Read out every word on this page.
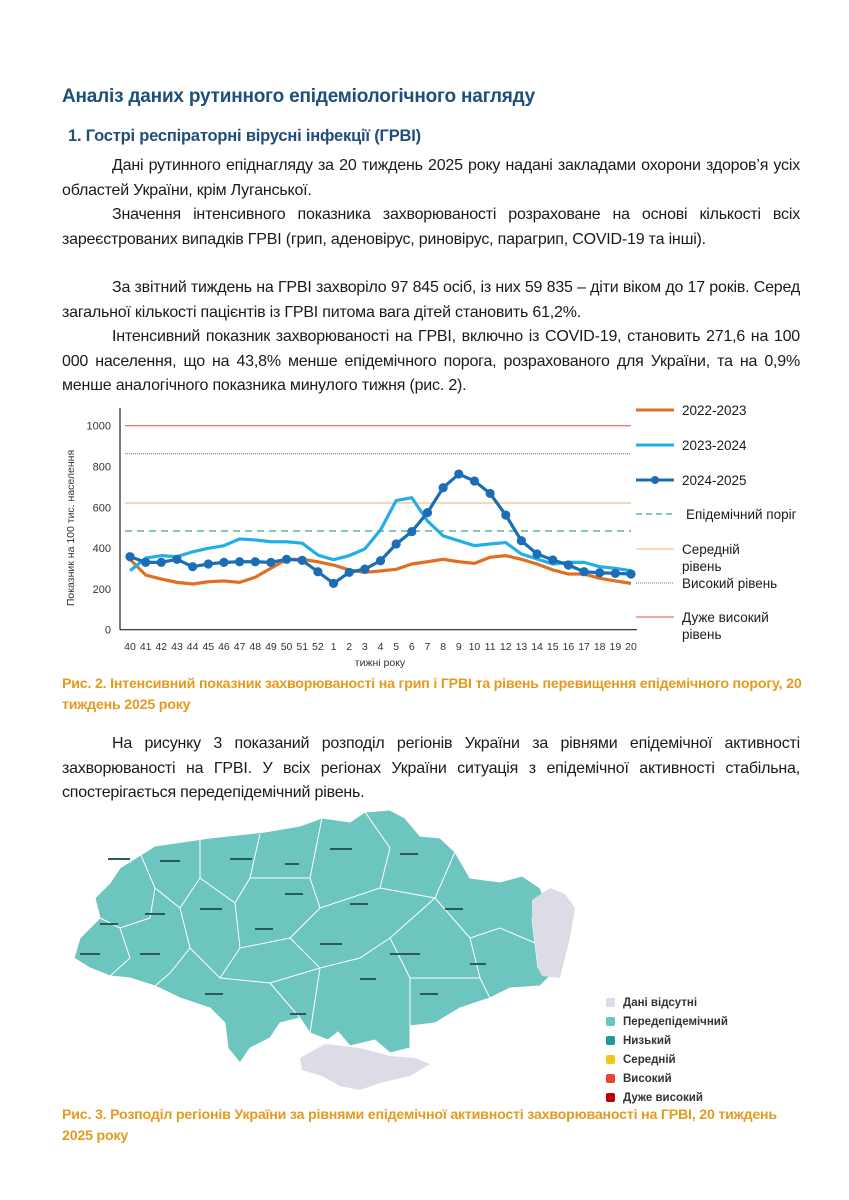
Аналіз даних рутинного епідеміологічного нагляду
1. Гострі респіраторні вірусні інфекції (ГРВІ)

Дані рутинного епіднагляду за 20 тиждень 2025 року надані закладами охорони здоров’я усіх областей України, крім Луганської.

Значення інтенсивного показника захворюваності розраховане на основі кількості всіх зареєстрованих випадків ГРВІ (грип, аденовірус, риновірус, парагрип, COVID-19 та інші).

За звітний тиждень на ГРВІ захворіло 97 845 осіб, із них 59 835 – діти віком до 17 років. Серед загальної кількості пацієнтів із ГРВІ питома вага дітей становить 61,2%.

Інтенсивний показник захворюваності на ГРВІ, включно із COVID-19, становить 271,6 на 100 000 населення, що на 43,8% менше епідемічного порога, розрахованого для України, та на 0,9% менше аналогічного показника минулого тижня (рис. 2).

0
200
400
600
800
1000
Показник на 100 тис. населення
40 41 42 43 44 45 46 47 48 49 50 51 52 1 2 3 4 5 6 7 8 9 10 11 12 13 14 15 16 17 18 19 20
тижні року
2022-2023
2023-2024
2024-2025
Епідемічний поріг
Середній рівень
Високий рівень
Дуже високий рівень
Рис. 2. Інтенсивний показник захворюваності на грип і ГРВІ та рівень перевищення епідемічного порогу, 20 тиждень 2025 року

На рисунку 3 показаний розподіл регіонів України за рівнями епідемічної активності захворюваності на ГРВІ. У всіх регіонах України ситуація з епідемічної активності стабільна, спостерігається передепідемічний рівень.

Дані відсутні
Передепідемічний
Низький
Середній
Високий
Дуже високий
Рис. 3. Розподіл регіонів України за рівнями епідемічної активності захворюваності на ГРВІ, 20 тиждень 2025 року
